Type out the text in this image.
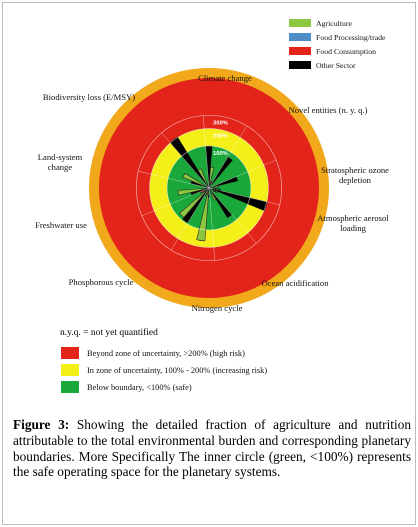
0%
100%
200%
300%
Climate change
Novel entities (n. y. q.)
Stratospheric ozone depletion
Atmospheric aerosol loading
Ocean acidification
Nitrogen cycle
Phosphorous cycle
Freshwater use
Land-system change
Biodiversity loss (E/MSY)
Agriculture
Food Processing/trade
Food Consumption
Other Sector
n.y.q. = not yet quantified
Beyond zone of uncertainty, >200% (high risk)
In zone of uncertainty, 100% - 200% (increasing risk)
Below boundary, <100% (safe)

Figure 3: Showing the detailed fraction of agriculture and nutrition attributable to the total environmental burden and corresponding planetary boundaries. More Specifically The inner circle (green, <100%) represents the safe operating space for the planetary systems.
